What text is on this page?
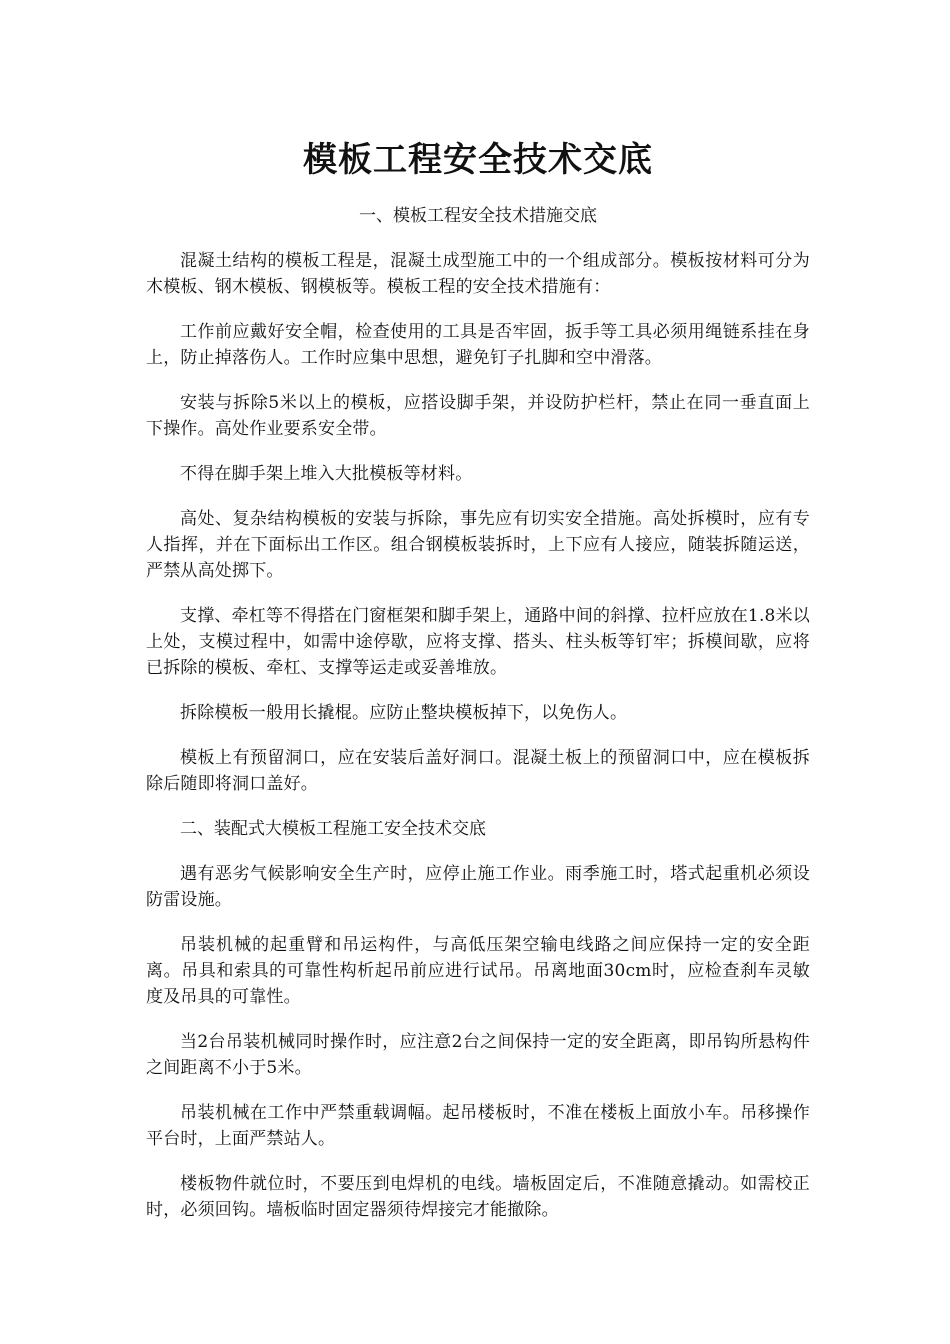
模板工程安全技术交底

一、模板工程安全技术措施交底

混凝土结构的模板工程是，混凝土成型施工中的一个组成部分。模板按材料可分为木模板、钢木模板、钢模板等。模板工程的安全技术措施有：

工作前应戴好安全帽，检查使用的工具是否牢固，扳手等工具必须用绳链系挂在身上，防止掉落伤人。工作时应集中思想，避免钉子扎脚和空中滑落。

安装与拆除5米以上的模板，应搭设脚手架，并设防护栏杆，禁止在同一垂直面上下操作。高处作业要系安全带。

不得在脚手架上堆入大批模板等材料。

高处、复杂结构模板的安装与拆除，事先应有切实安全措施。高处拆模时，应有专人指挥，并在下面标出工作区。组合钢模板装拆时，上下应有人接应，随装拆随运送，严禁从高处掷下。

支撑、牵杠等不得搭在门窗框架和脚手架上，通路中间的斜撑、拉杆应放在1.8米以上处，支模过程中，如需中途停歇，应将支撑、搭头、柱头板等钉牢；拆模间歇，应将已拆除的模板、牵杠、支撑等运走或妥善堆放。

拆除模板一般用长撬棍。应防止整块模板掉下，以免伤人。

模板上有预留洞口，应在安装后盖好洞口。混凝土板上的预留洞口中，应在模板拆除后随即将洞口盖好。

二、装配式大模板工程施工安全技术交底

遇有恶劣气候影响安全生产时，应停止施工作业。雨季施工时，塔式起重机必须设防雷设施。

吊装机械的起重臂和吊运构件，与高低压架空输电线路之间应保持一定的安全距离。吊具和索具的可靠性构析起吊前应进行试吊。吊离地面30cm时，应检查刹车灵敏度及吊具的可靠性。

当2台吊装机械同时操作时，应注意2台之间保持一定的安全距离，即吊钩所悬构件之间距离不小于5米。

吊装机械在工作中严禁重载调幅。起吊楼板时，不准在楼板上面放小车。吊移操作平台时，上面严禁站人。

楼板物件就位时，不要压到电焊机的电线。墙板固定后，不准随意撬动。如需校正时，必须回钩。墙板临时固定器须待焊接完才能撤除。
